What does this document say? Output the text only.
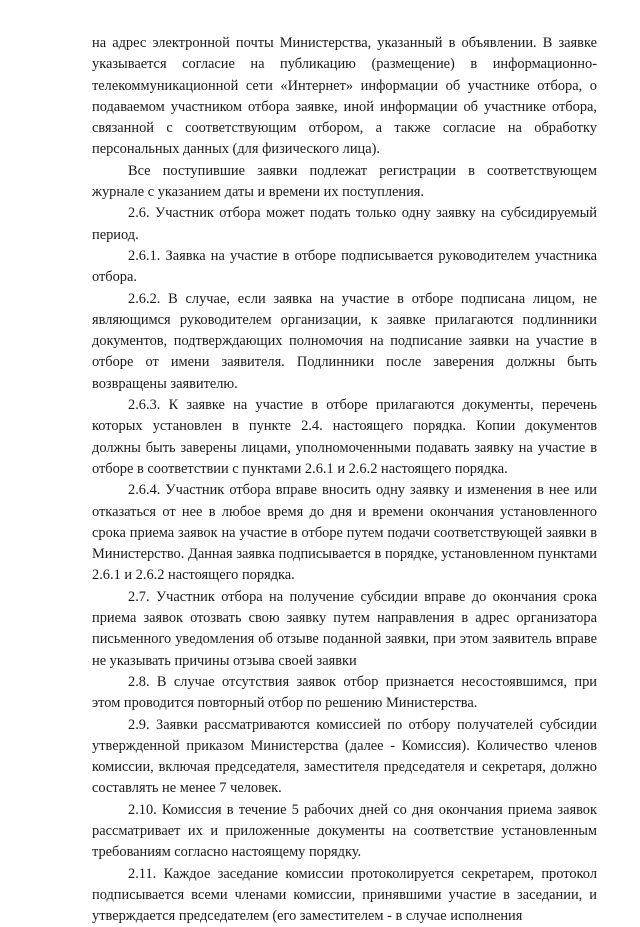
на адрес электронной почты Министерства, указанный в объявлении. В заявке указывается согласие на публикацию (размещение) в информационно-телекоммуникационной сети «Интернет» информации об участнике отбора, о подаваемом участником отбора заявке, иной информации об участнике отбора, связанной с соответствующим отбором, а также согласие на обработку персональных данных (для физического лица).

Все поступившие заявки подлежат регистрации в соответствующем журнале с указанием даты и времени их поступления.

2.6. Участник отбора может подать только одну заявку на субсидируемый период.

2.6.1. Заявка на участие в отборе подписывается руководителем участника отбора.

2.6.2. В случае, если заявка на участие в отборе подписана лицом, не являющимся руководителем организации, к заявке прилагаются подлинники документов, подтверждающих полномочия на подписание заявки на участие в отборе от имени заявителя. Подлинники после заверения должны быть возвращены заявителю.

2.6.3. К заявке на участие в отборе прилагаются документы, перечень которых установлен в пункте 2.4. настоящего порядка. Копии документов должны быть заверены лицами, уполномоченными подавать заявку на участие в отборе в соответствии с пунктами 2.6.1 и 2.6.2 настоящего порядка.

2.6.4. Участник отбора вправе вносить одну заявку и изменения в нее или отказаться от нее в любое время до дня и времени окончания установленного срока приема заявок на участие в отборе путем подачи соответствующей заявки в Министерство. Данная заявка подписывается в порядке, установленном пунктами 2.6.1 и 2.6.2 настоящего порядка.

2.7. Участник отбора на получение субсидии вправе до окончания срока приема заявок отозвать свою заявку путем направления в адрес организатора письменного уведомления об отзыве поданной заявки, при этом заявитель вправе не указывать причины отзыва своей заявки

2.8. В случае отсутствия заявок отбор признается несостоявшимся, при этом проводится повторный отбор по решению Министерства.

2.9. Заявки рассматриваются комиссией по отбору получателей субсидии утвержденной приказом Министерства (далее - Комиссия). Количество членов комиссии, включая председателя, заместителя председателя и секретаря, должно составлять не менее 7 человек.

2.10. Комиссия в течение 5 рабочих дней со дня окончания приема заявок рассматривает их и приложенные документы на соответствие установленным требованиям согласно настоящему порядку.

2.11. Каждое заседание комиссии протоколируется секретарем, протокол подписывается всеми членами комиссии, принявшими участие в заседании, и утверждается председателем (его заместителем - в случае исполнения
